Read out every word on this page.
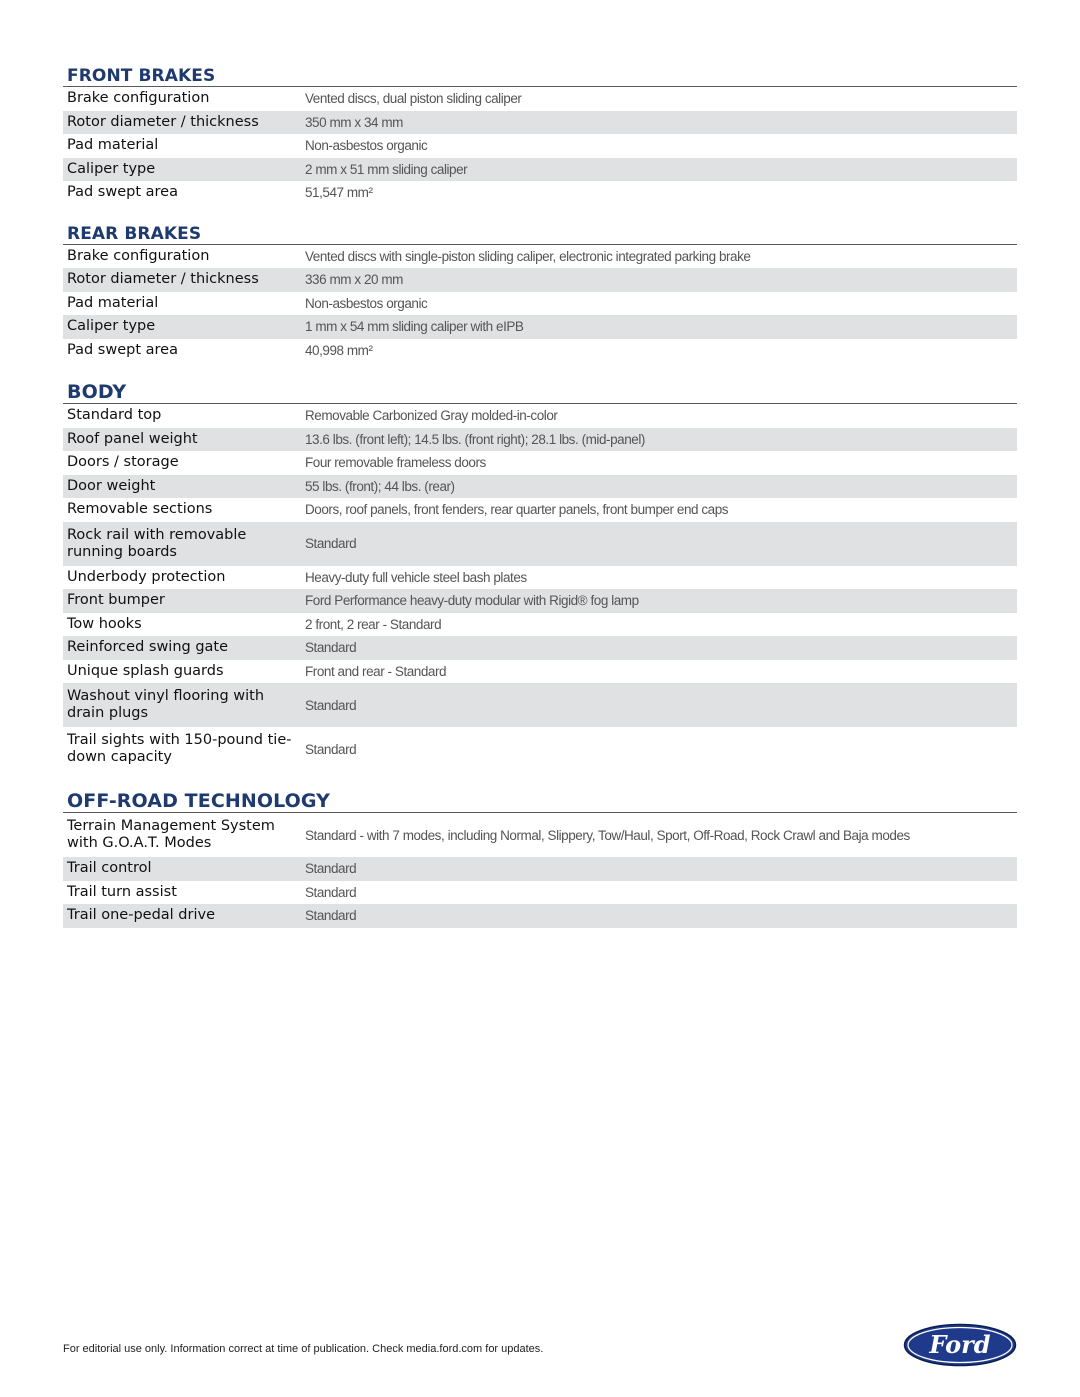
FRONT BRAKES
Brake configuration	Vented discs, dual piston sliding caliper
Rotor diameter / thickness	350 mm x 34 mm
Pad material	Non-asbestos organic
Caliper type	2 mm x 51 mm sliding caliper
Pad swept area	51,547 mm²
REAR BRAKES
Brake configuration	Vented discs with single-piston sliding caliper, electronic integrated parking brake
Rotor diameter / thickness	336 mm x 20 mm
Pad material	Non-asbestos organic
Caliper type	1 mm x 54 mm sliding caliper with eIPB
Pad swept area	40,998 mm²
BODY
Standard top	Removable Carbonized Gray molded-in-color
Roof panel weight	13.6 lbs. (front left); 14.5 lbs. (front right); 28.1 lbs. (mid-panel)
Doors / storage	Four removable frameless doors
Door weight	55 lbs. (front); 44 lbs. (rear)
Removable sections	Doors, roof panels, front fenders, rear quarter panels, front bumper end caps
Rock rail with removable running boards	Standard
Underbody protection	Heavy-duty full vehicle steel bash plates
Front bumper	Ford Performance heavy-duty modular with Rigid® fog lamp
Tow hooks	2 front, 2 rear - Standard
Reinforced swing gate	Standard
Unique splash guards	Front and rear - Standard
Washout vinyl flooring with drain plugs	Standard
Trail sights with 150-pound tie-down capacity	Standard
OFF-ROAD TECHNOLOGY
Terrain Management System with G.O.A.T. Modes	Standard - with 7 modes, including Normal, Slippery, Tow/Haul, Sport, Off-Road, Rock Crawl and Baja modes
Trail control	Standard
Trail turn assist	Standard
Trail one-pedal drive	Standard
For editorial use only. Information correct at time of publication. Check media.ford.com for updates.	Ford
